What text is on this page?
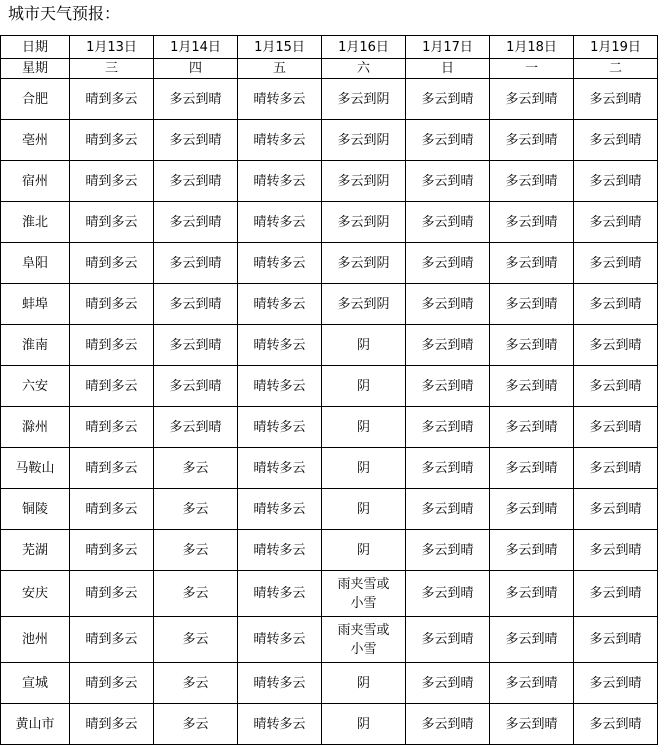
城市天气预报：
日期	1月13日	1月14日	1月15日	1月16日	1月17日	1月18日	1月19日
星期	三	四	五	六	日	一	二
合肥	晴到多云	多云到晴	晴转多云	多云到阴	多云到晴	多云到晴	多云到晴
亳州	晴到多云	多云到晴	晴转多云	多云到阴	多云到晴	多云到晴	多云到晴
宿州	晴到多云	多云到晴	晴转多云	多云到阴	多云到晴	多云到晴	多云到晴
淮北	晴到多云	多云到晴	晴转多云	多云到阴	多云到晴	多云到晴	多云到晴
阜阳	晴到多云	多云到晴	晴转多云	多云到阴	多云到晴	多云到晴	多云到晴
蚌埠	晴到多云	多云到晴	晴转多云	多云到阴	多云到晴	多云到晴	多云到晴
淮南	晴到多云	多云到晴	晴转多云	阴	多云到晴	多云到晴	多云到晴
六安	晴到多云	多云到晴	晴转多云	阴	多云到晴	多云到晴	多云到晴
滁州	晴到多云	多云到晴	晴转多云	阴	多云到晴	多云到晴	多云到晴
马鞍山	晴到多云	多云	晴转多云	阴	多云到晴	多云到晴	多云到晴
铜陵	晴到多云	多云	晴转多云	阴	多云到晴	多云到晴	多云到晴
芜湖	晴到多云	多云	晴转多云	阴	多云到晴	多云到晴	多云到晴
安庆	晴到多云	多云	晴转多云	雨夹雪或小雪	多云到晴	多云到晴	多云到晴
池州	晴到多云	多云	晴转多云	雨夹雪或小雪	多云到晴	多云到晴	多云到晴
宣城	晴到多云	多云	晴转多云	阴	多云到晴	多云到晴	多云到晴
黄山市	晴到多云	多云	晴转多云	阴	多云到晴	多云到晴	多云到晴
